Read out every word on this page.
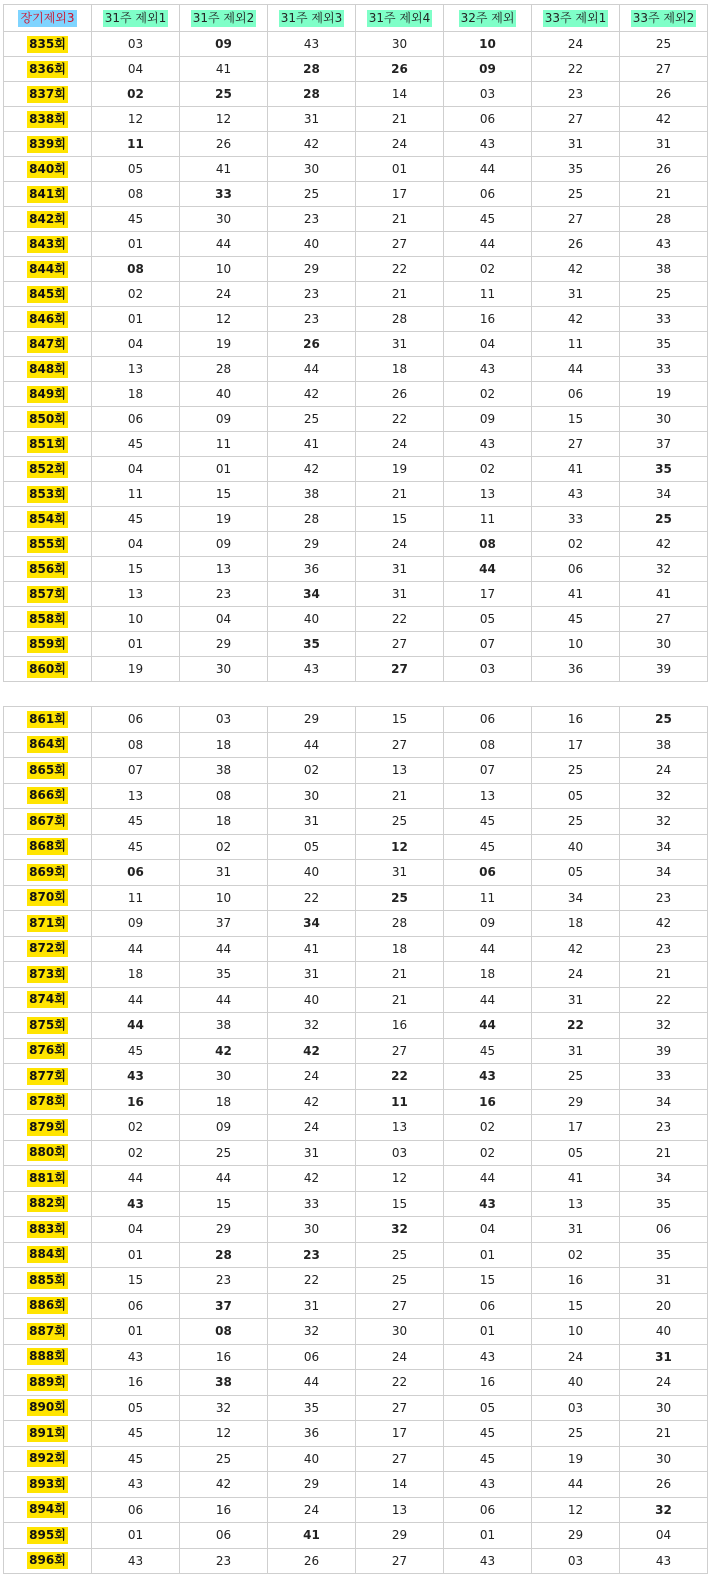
장기제외3	31주 제외1	31주 제외2	31주 제외3	31주 제외4	32주 제외	33주 제외1	33주 제외2
835회	03	09	43	30	10	24	25
836회	04	41	28	26	09	22	27
837회	02	25	28	14	03	23	26
838회	12	12	31	21	06	27	42
839회	11	26	42	24	43	31	31
840회	05	41	30	01	44	35	26
841회	08	33	25	17	06	25	21
842회	45	30	23	21	45	27	28
843회	01	44	40	27	44	26	43
844회	08	10	29	22	02	42	38
845회	02	24	23	21	11	31	25
846회	01	12	23	28	16	42	33
847회	04	19	26	31	04	11	35
848회	13	28	44	18	43	44	33
849회	18	40	42	26	02	06	19
850회	06	09	25	22	09	15	30
851회	45	11	41	24	43	27	37
852회	04	01	42	19	02	41	35
853회	11	15	38	21	13	43	34
854회	45	19	28	15	11	33	25
855회	04	09	29	24	08	02	42
856회	15	13	36	31	44	06	32
857회	13	23	34	31	17	41	41
858회	10	04	40	22	05	45	27
859회	01	29	35	27	07	10	30
860회	19	30	43	27	03	36	39

861회	06	03	29	15	06	16	25
864회	08	18	44	27	08	17	38
865회	07	38	02	13	07	25	24
866회	13	08	30	21	13	05	32
867회	45	18	31	25	45	25	32
868회	45	02	05	12	45	40	34
869회	06	31	40	31	06	05	34
870회	11	10	22	25	11	34	23
871회	09	37	34	28	09	18	42
872회	44	44	41	18	44	42	23
873회	18	35	31	21	18	24	21
874회	44	44	40	21	44	31	22
875회	44	38	32	16	44	22	32
876회	45	42	42	27	45	31	39
877회	43	30	24	22	43	25	33
878회	16	18	42	11	16	29	34
879회	02	09	24	13	02	17	23
880회	02	25	31	03	02	05	21
881회	44	44	42	12	44	41	34
882회	43	15	33	15	43	13	35
883회	04	29	30	32	04	31	06
884회	01	28	23	25	01	02	35
885회	15	23	22	25	15	16	31
886회	06	37	31	27	06	15	20
887회	01	08	32	30	01	10	40
888회	43	16	06	24	43	24	31
889회	16	38	44	22	16	40	24
890회	05	32	35	27	05	03	30
891회	45	12	36	17	45	25	21
892회	45	25	40	27	45	19	30
893회	43	42	29	14	43	44	26
894회	06	16	24	13	06	12	32
895회	01	06	41	29	01	29	04
896회	43	23	26	27	43	03	43
